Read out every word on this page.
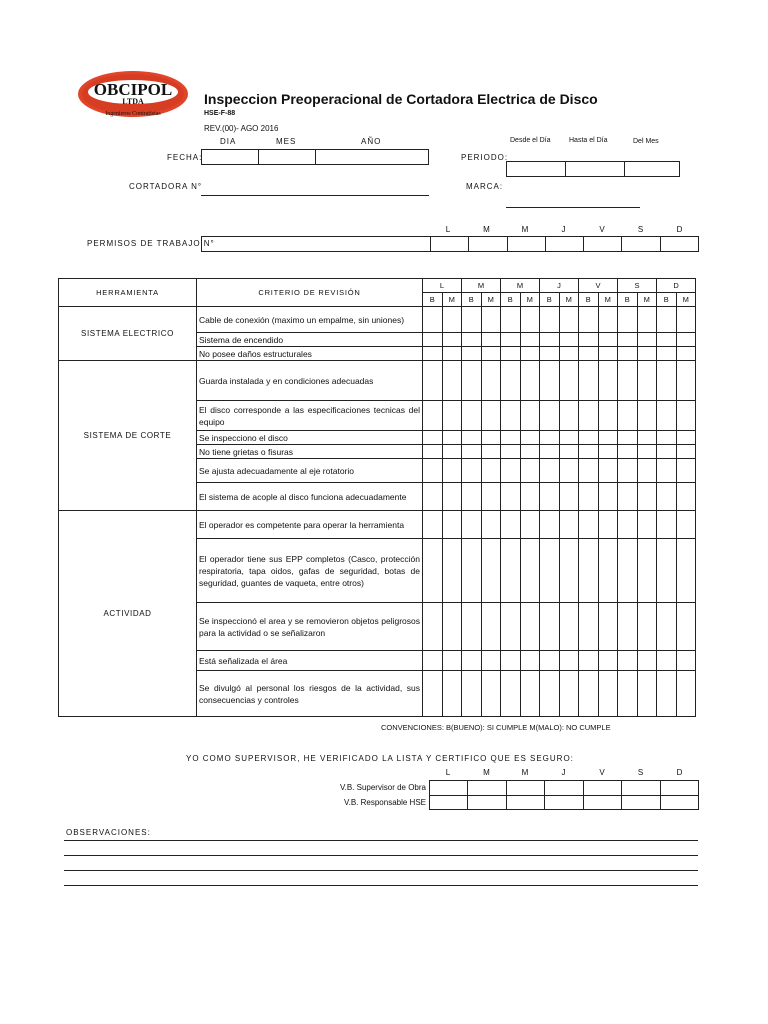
OBCIPOL
LTDA
Ingenieros Contratistas
Inspeccion Preoperacional de Cortadora Electrica de Disco
HSE-F-88
REV.(00)- AGO 2016
DIA	MES	AÑO
FECHA:

Desde el Día	Hasta el Día	Del Mes
PERIODO:

CORTADORA N°	MARCA:
L	M	M	J	V	S	D
PERMISOS DE TRABAJO N°

HERRAMIENTA	CRITERIO DE REVISIÓN	L		M		M		J		V		S		D	
		B	M	B	M	B	M	B	M	B	M	B	M	B	M
SISTEMA ELECTRICO	Cable de conexión (maximo un empalme, sin uniones)														
	Sistema de encendido														
	No posee daños estructurales														
SISTEMA DE CORTE	Guarda instalada y en condiciones adecuadas														
	El disco corresponde a las especificaciones tecnicas del equipo														
	Se inspecciono el disco														
	No tiene grietas o fisuras														
	Se ajusta adecuadamente al eje rotatorio														
	El sistema de acople al disco funciona adecuadamente														
ACTIVIDAD	El operador es competente para operar la herramienta														
	El operador tiene sus EPP completos (Casco, protección respiratoria, tapa oidos, gafas de seguridad, botas de seguridad, guantes de vaqueta, entre otros)														
	Se inspeccionó el area y se removieron objetos peligrosos para la actividad o se señalizaron														
	Está señalizada el área														
	Se divulgó al personal los riesgos de la actividad, sus consecuencias y controles														
CONVENCIONES: B(BUENO): SI CUMPLE M(MALO): NO CUMPLE
YO COMO SUPERVISOR, HE VERIFICADO LA LISTA Y CERTIFICO QUE ES SEGURO:
L	M	M	J	V	S	D
V.B. Supervisor de Obra
V.B. Responsable HSE

OBSERVACIONES:
